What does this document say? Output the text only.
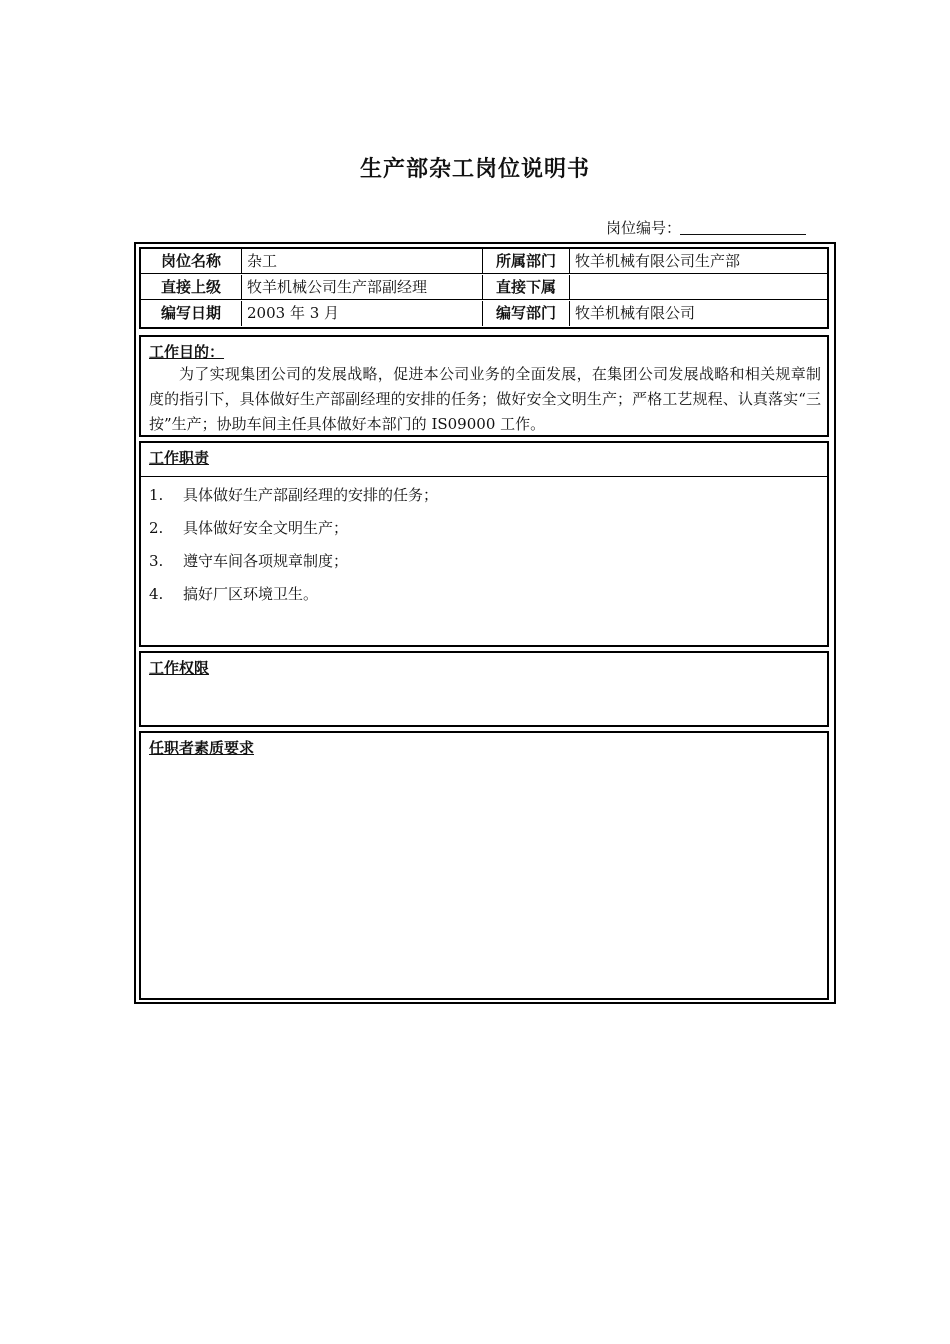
生产部杂工岗位说明书
岗位编号：
岗位名称	杂工	所属部门	牧羊机械有限公司生产部
直接上级	牧羊机械公司生产部副经理	直接下属
编写日期	2003 年 3 月	编写部门	牧羊机械有限公司
工作目的：
为了实现集团公司的发展战略，促进本公司业务的全面发展，在集团公司发展战略和相关规章制度的指引下，具体做好生产部副经理的安排的任务；做好安全文明生产；严格工艺规程、认真落实“三按”生产；协助车间主任具体做好本部门的 IS09000 工作。
工作职责
1. 具体做好生产部副经理的安排的任务；
2. 具体做好安全文明生产；
3. 遵守车间各项规章制度；
4. 搞好厂区环境卫生。
工作权限
任职者素质要求
